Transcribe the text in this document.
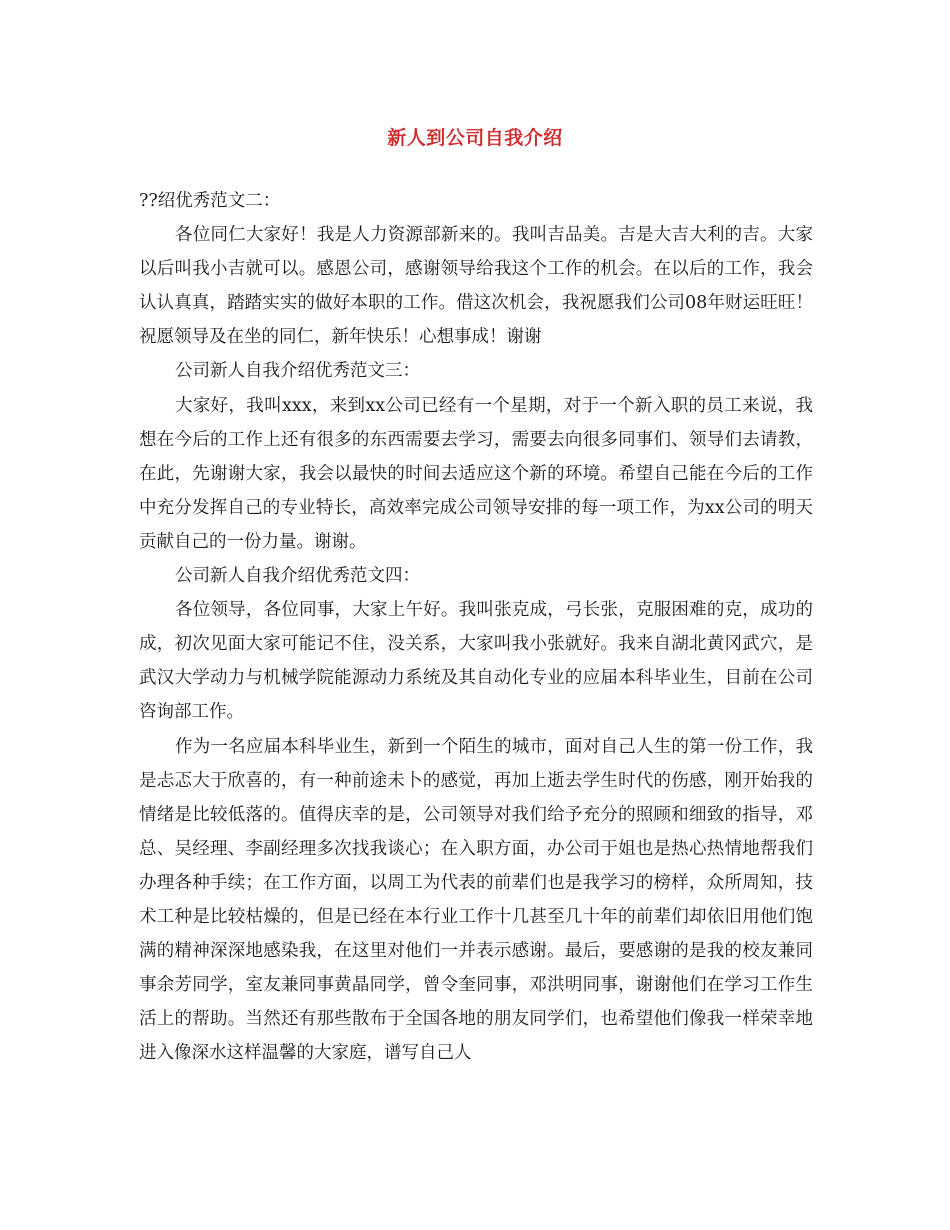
新人到公司自我介绍

??绍优秀范文二：

各位同仁大家好！我是人力资源部新来的。我叫吉品美。吉是大吉大利的吉。大家以后叫我小吉就可以。感恩公司，感谢领导给我这个工作的机会。在以后的工作，我会认认真真，踏踏实实的做好本职的工作。借这次机会，我祝愿我们公司08年财运旺旺！祝愿领导及在坐的同仁，新年快乐！心想事成！谢谢

公司新人自我介绍优秀范文三：

大家好，我叫xxx，来到xx公司已经有一个星期，对于一个新入职的员工来说，我想在今后的工作上还有很多的东西需要去学习，需要去向很多同事们、领导们去请教，在此，先谢谢大家，我会以最快的时间去适应这个新的环境。希望自己能在今后的工作中充分发挥自己的专业特长，高效率完成公司领导安排的每一项工作，为xx公司的明天贡献自己的一份力量。谢谢。

公司新人自我介绍优秀范文四：

各位领导，各位同事，大家上午好。我叫张克成，弓长张，克服困难的克，成功的成，初次见面大家可能记不住，没关系，大家叫我小张就好。我来自湖北黄冈武穴，是武汉大学动力与机械学院能源动力系统及其自动化专业的应届本科毕业生，目前在公司咨询部工作。

作为一名应届本科毕业生，新到一个陌生的城市，面对自己人生的第一份工作，我是忐忑大于欣喜的，有一种前途未卜的感觉，再加上逝去学生时代的伤感，刚开始我的情绪是比较低落的。值得庆幸的是，公司领导对我们给予充分的照顾和细致的指导，邓总、吴经理、李副经理多次找我谈心；在入职方面，办公司于姐也是热心热情地帮我们办理各种手续；在工作方面，以周工为代表的前辈们也是我学习的榜样，众所周知，技术工种是比较枯燥的，但是已经在本行业工作十几甚至几十年的前辈们却依旧用他们饱满的精神深深地感染我，在这里对他们一并表示感谢。最后，要感谢的是我的校友兼同事余芳同学，室友兼同事黄晶同学，曾令奎同事，邓洪明同事，谢谢他们在学习工作生活上的帮助。当然还有那些散布于全国各地的朋友同学们，也希望他们像我一样荣幸地进入像深水这样温馨的大家庭，谱写自己人
